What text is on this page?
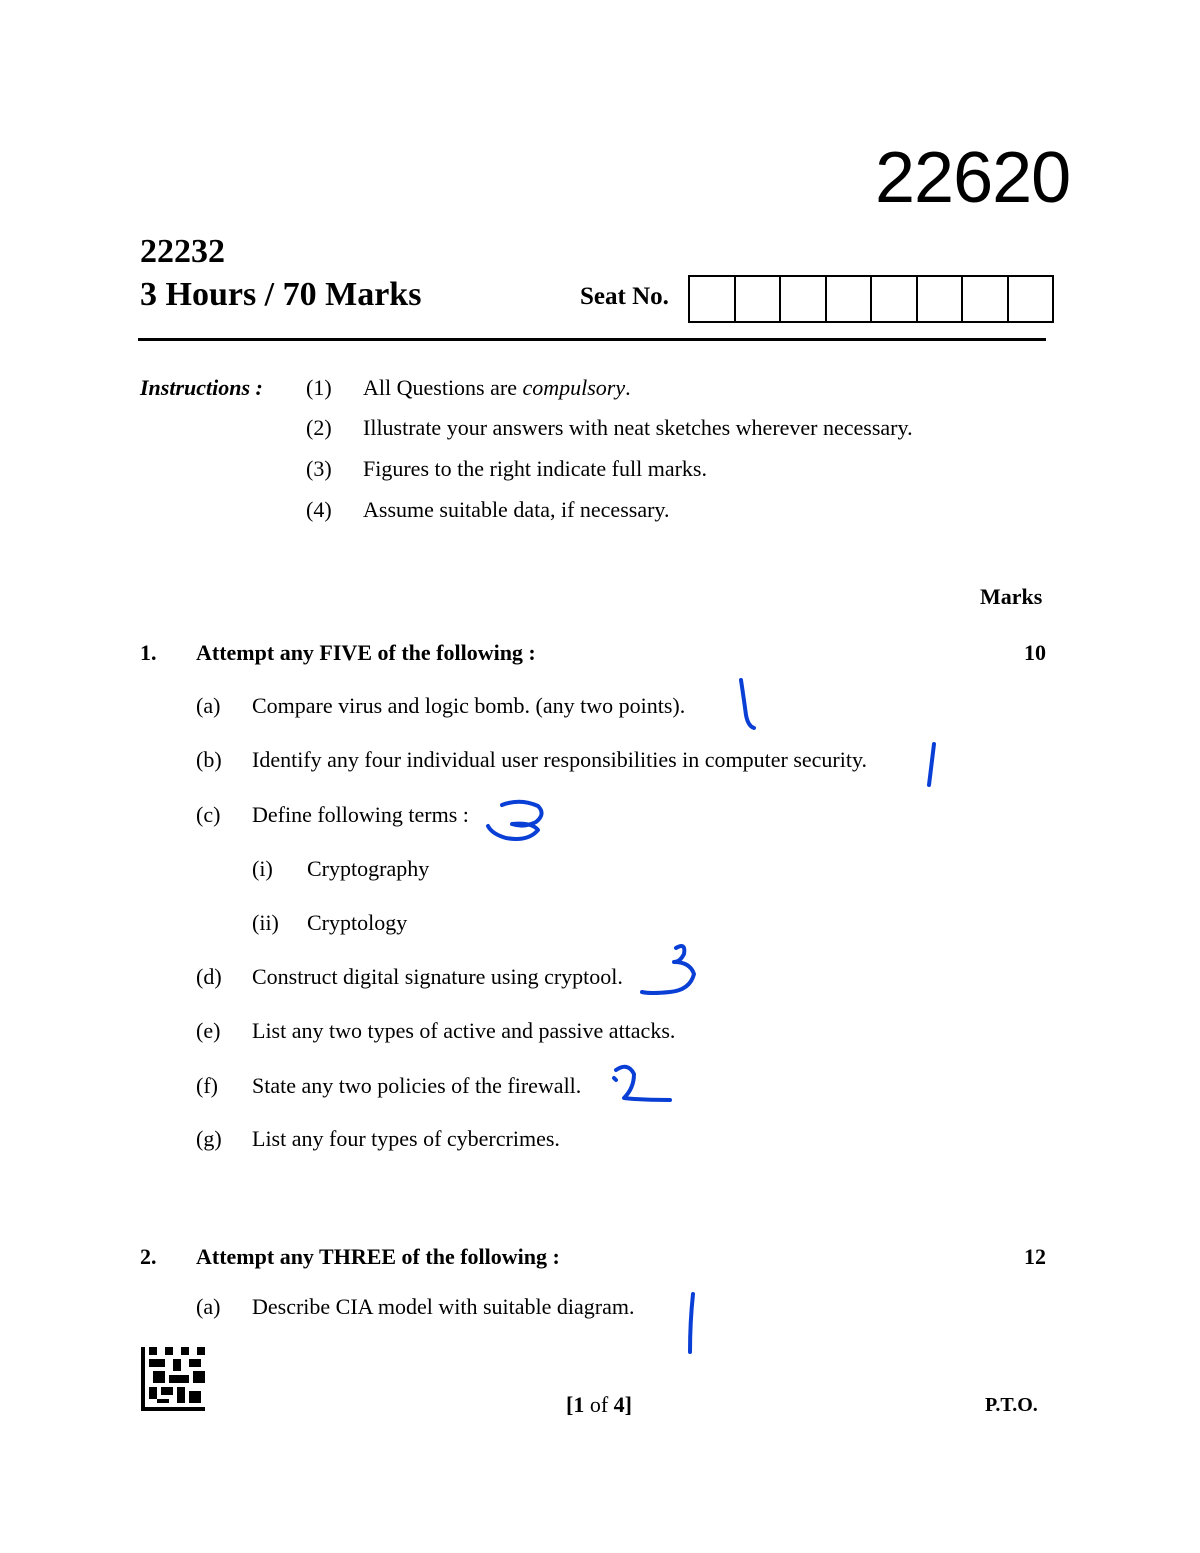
22620
22232
3 Hours / 70 Marks	Seat No.
Instructions : (1) All Questions are compulsory.
(2) Illustrate your answers with neat sketches wherever necessary.
(3) Figures to the right indicate full marks.
(4) Assume suitable data, if necessary.
Marks
1. Attempt any FIVE of the following :	10
(a) Compare virus and logic bomb. (any two points).
(b) Identify any four individual user responsibilities in computer security.
(c) Define following terms :
(i) Cryptography
(ii) Cryptology
(d) Construct digital signature using cryptool.
(e) List any two types of active and passive attacks.
(f) State any two policies of the firewall.
(g) List any four types of cybercrimes.
2. Attempt any THREE of the following :	12
(a) Describe CIA model with suitable diagram.
[1 of 4]	P.T.O.
